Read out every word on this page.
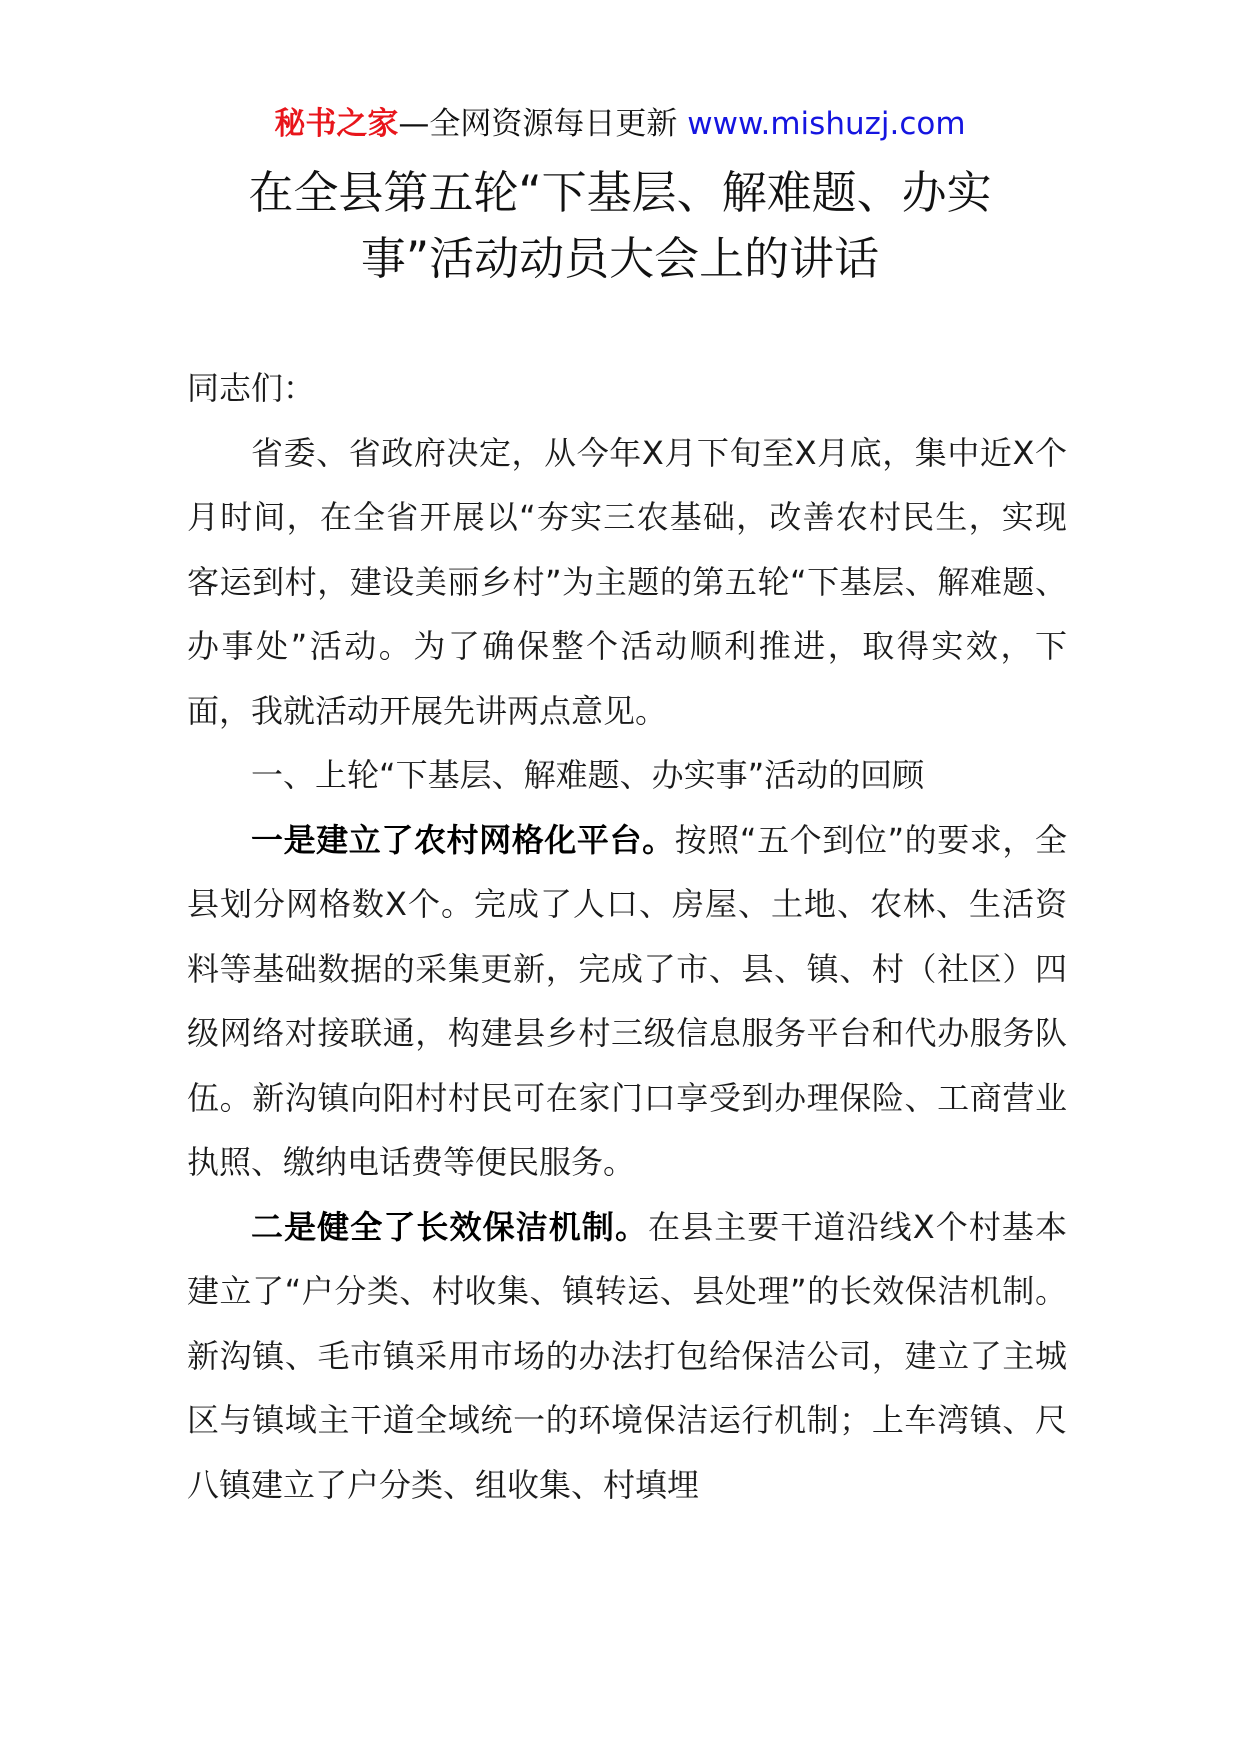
秘书之家—全网资源每日更新 www.mishuzj.com
在全县第五轮“下基层、解难题、办实
事”活动动员大会上的讲话

同志们：

省委、省政府决定，从今年X月下旬至X月底，集中近X个月时间，在全省开展以“夯实三农基础，改善农村民生，实现客运到村，建设美丽乡村”为主题的第五轮“下基层、解难题、办事处”活动。为了确保整个活动顺利推进，取得实效，下面，我就活动开展先讲两点意见。

一、上轮“下基层、解难题、办实事”活动的回顾

一是建立了农村网格化平台。按照“五个到位”的要求，全县划分网格数X个。完成了人口、房屋、土地、农林、生活资料等基础数据的采集更新，完成了市、县、镇、村（社区）四级网络对接联通，构建县乡村三级信息服务平台和代办服务队伍。新沟镇向阳村村民可在家门口享受到办理保险、工商营业执照、缴纳电话费等便民服务。

二是健全了长效保洁机制。在县主要干道沿线X个村基本建立了“户分类、村收集、镇转运、县处理”的长效保洁机制。新沟镇、毛市镇采用市场的办法打包给保洁公司，建立了主城区与镇域主干道全域统一的环境保洁运行机制；上车湾镇、尺八镇建立了户分类、组收集、村填埋
